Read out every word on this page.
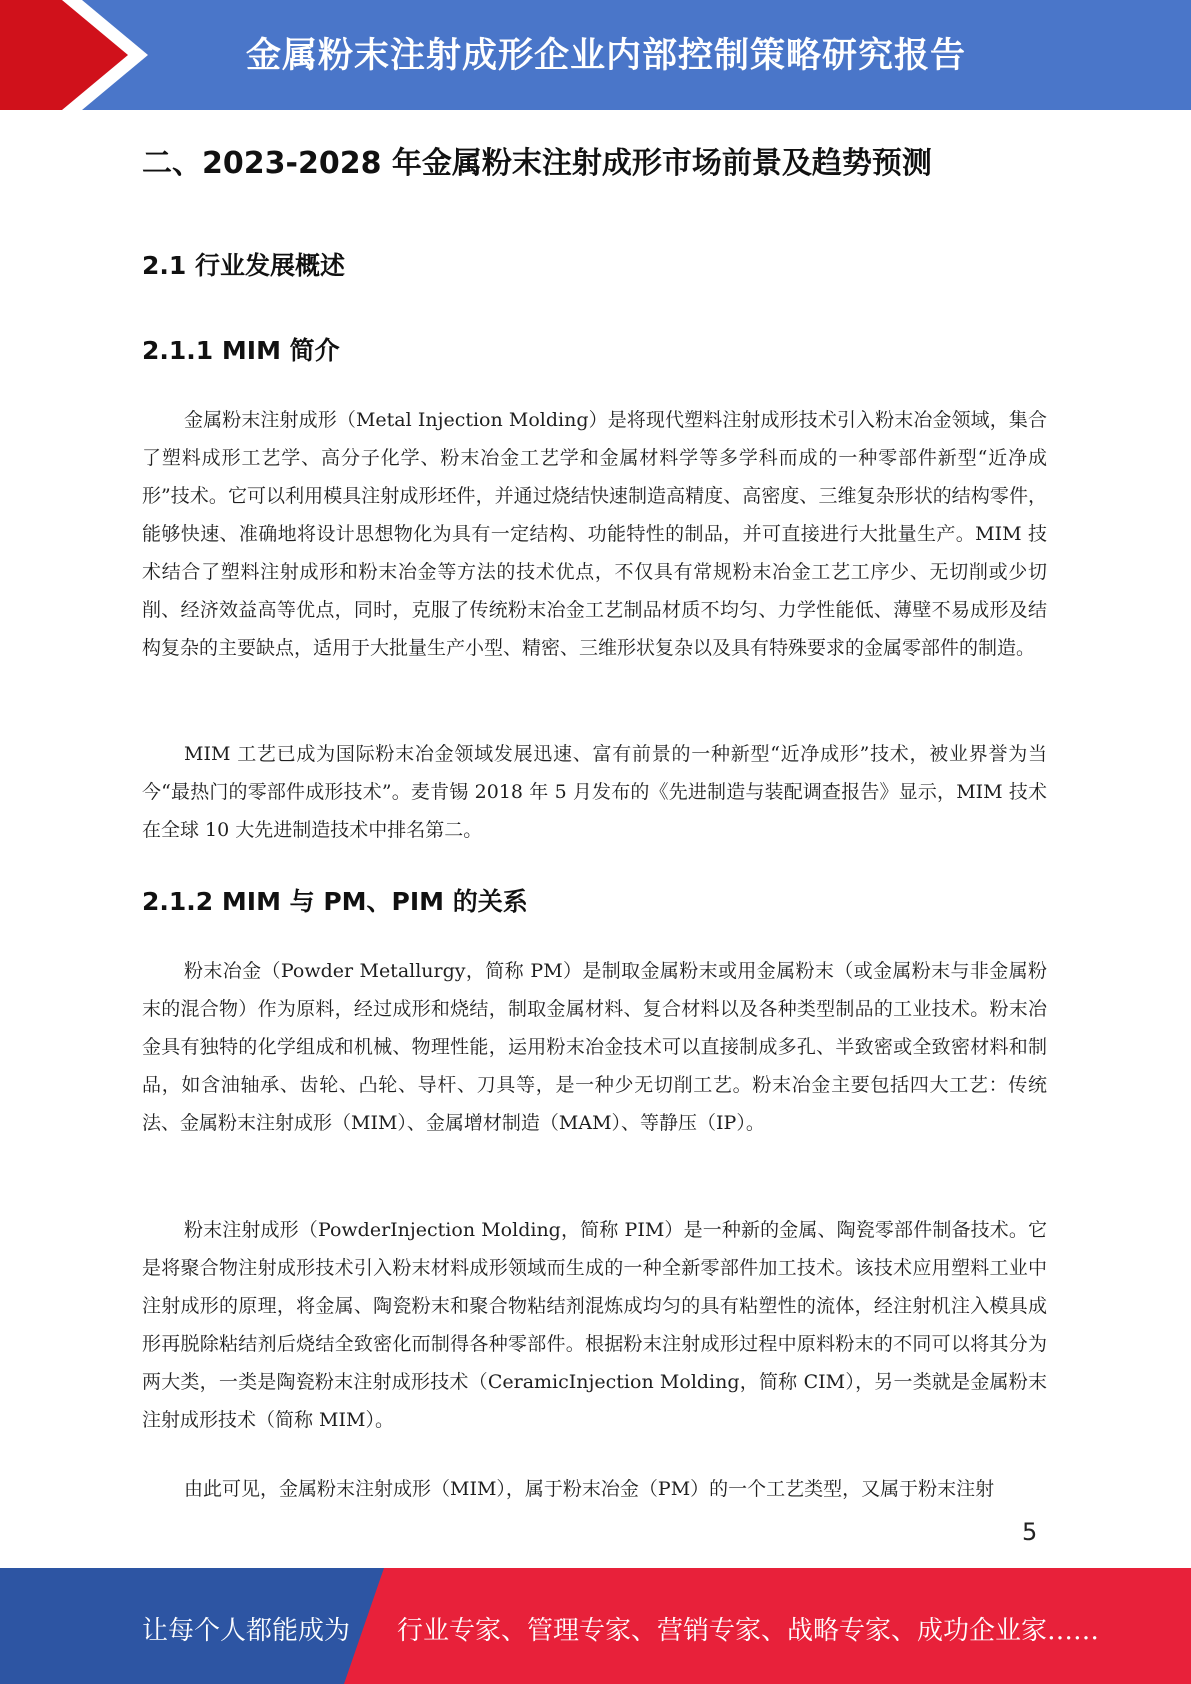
金属粉末注射成形企业内部控制策略研究报告
二、2023-2028 年金属粉末注射成形市场前景及趋势预测
2.1 行业发展概述
2.1.1 MIM 简介

金属粉末注射成形（Metal Injection Molding）是将现代塑料注射成形技术引入粉末冶金领域，集合了塑料成形工艺学、高分子化学、粉末冶金工艺学和金属材料学等多学科而成的一种零部件新型“近净成形”技术。它可以利用模具注射成形坯件，并通过烧结快速制造高精度、高密度、三维复杂形状的结构零件，能够快速、准确地将设计思想物化为具有一定结构、功能特性的制品，并可直接进行大批量生产。MIM 技术结合了塑料注射成形和粉末冶金等方法的技术优点，不仅具有常规粉末冶金工艺工序少、无切削或少切削、经济效益高等优点，同时，克服了传统粉末冶金工艺制品材质不均匀、力学性能低、薄壁不易成形及结构复杂的主要缺点，适用于大批量生产小型、精密、三维形状复杂以及具有特殊要求的金属零部件的制造。

MIM 工艺已成为国际粉末冶金领域发展迅速、富有前景的一种新型“近净成形”技术，被业界誉为当今“最热门的零部件成形技术”。麦肯锡 2018 年 5 月发布的《先进制造与装配调查报告》显示，MIM 技术在全球 10 大先进制造技术中排名第二。

2.1.2 MIM 与 PM、PIM 的关系

粉末冶金（Powder Metallurgy，简称 PM）是制取金属粉末或用金属粉末（或金属粉末与非金属粉末的混合物）作为原料，经过成形和烧结，制取金属材料、复合材料以及各种类型制品的工业技术。粉末冶金具有独特的化学组成和机械、物理性能，运用粉末冶金技术可以直接制成多孔、半致密或全致密材料和制品，如含油轴承、齿轮、凸轮、导杆、刀具等，是一种少无切削工艺。粉末冶金主要包括四大工艺：传统法、金属粉末注射成形（MIM）、金属增材制造（MAM）、等静压（IP）。

粉末注射成形（PowderInjection Molding，简称 PIM）是一种新的金属、陶瓷零部件制备技术。它是将聚合物注射成形技术引入粉末材料成形领域而生成的一种全新零部件加工技术。该技术应用塑料工业中注射成形的原理，将金属、陶瓷粉末和聚合物粘结剂混炼成均匀的具有粘塑性的流体，经注射机注入模具成形再脱除粘结剂后烧结全致密化而制得各种零部件。根据粉末注射成形过程中原料粉末的不同可以将其分为两大类，一类是陶瓷粉末注射成形技术（CeramicInjection Molding，简称 CIM），另一类就是金属粉末注射成形技术（简称 MIM）。

由此可见，金属粉末注射成形（MIM），属于粉末冶金（PM）的一个工艺类型，又属于粉末注射

5
让每个人都能成为 行业专家、管理专家、营销专家、战略专家、成功企业家……
